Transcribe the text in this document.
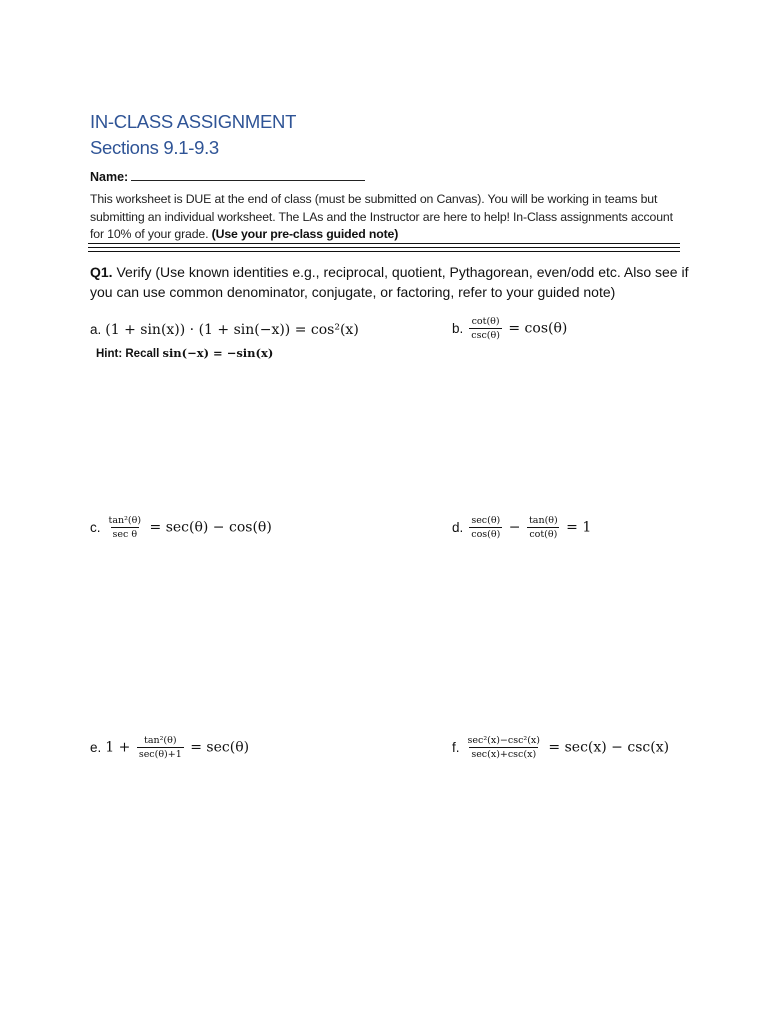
IN-CLASS ASSIGNMENT
Sections 9.1-9.3
Name:
This worksheet is DUE at the end of class (must be submitted on Canvas). You will be working in teams but submitting an individual worksheet. The LAs and the Instructor are here to help! In-Class assignments account for 10% of your grade. (Use your pre-class guided note)
Q1. Verify (Use known identities e.g., reciprocal, quotient, Pythagorean, even/odd etc. Also see if you can use common denominator, conjugate, or factoring, refer to your guided note)
a. (1 + sin(x)) · (1 + sin(−x)) = cos²(x)
Hint: Recall sin(−x) = −sin(x)
b. $\frac{\cot(\theta)}{\csc(\theta)} = \cos(\theta)$
c. $\frac{\text{tan²(θ)}}{\text{sec θ}} = \sec(\theta) - \cos(\theta)$	d. $\frac{\sec(\theta)}{\cos(\theta)} - \frac{\tan(\theta)}{\cot(\theta)} = 1$
e. $1 + \frac{\text{tan²(θ)}}{\sec(\theta)+1} = \sec(\theta)$	f. $\frac{\text{sec²(x)−csc²(x)}}{\sec(x)+\csc(x)} = \sec(x) - \csc(x)$
